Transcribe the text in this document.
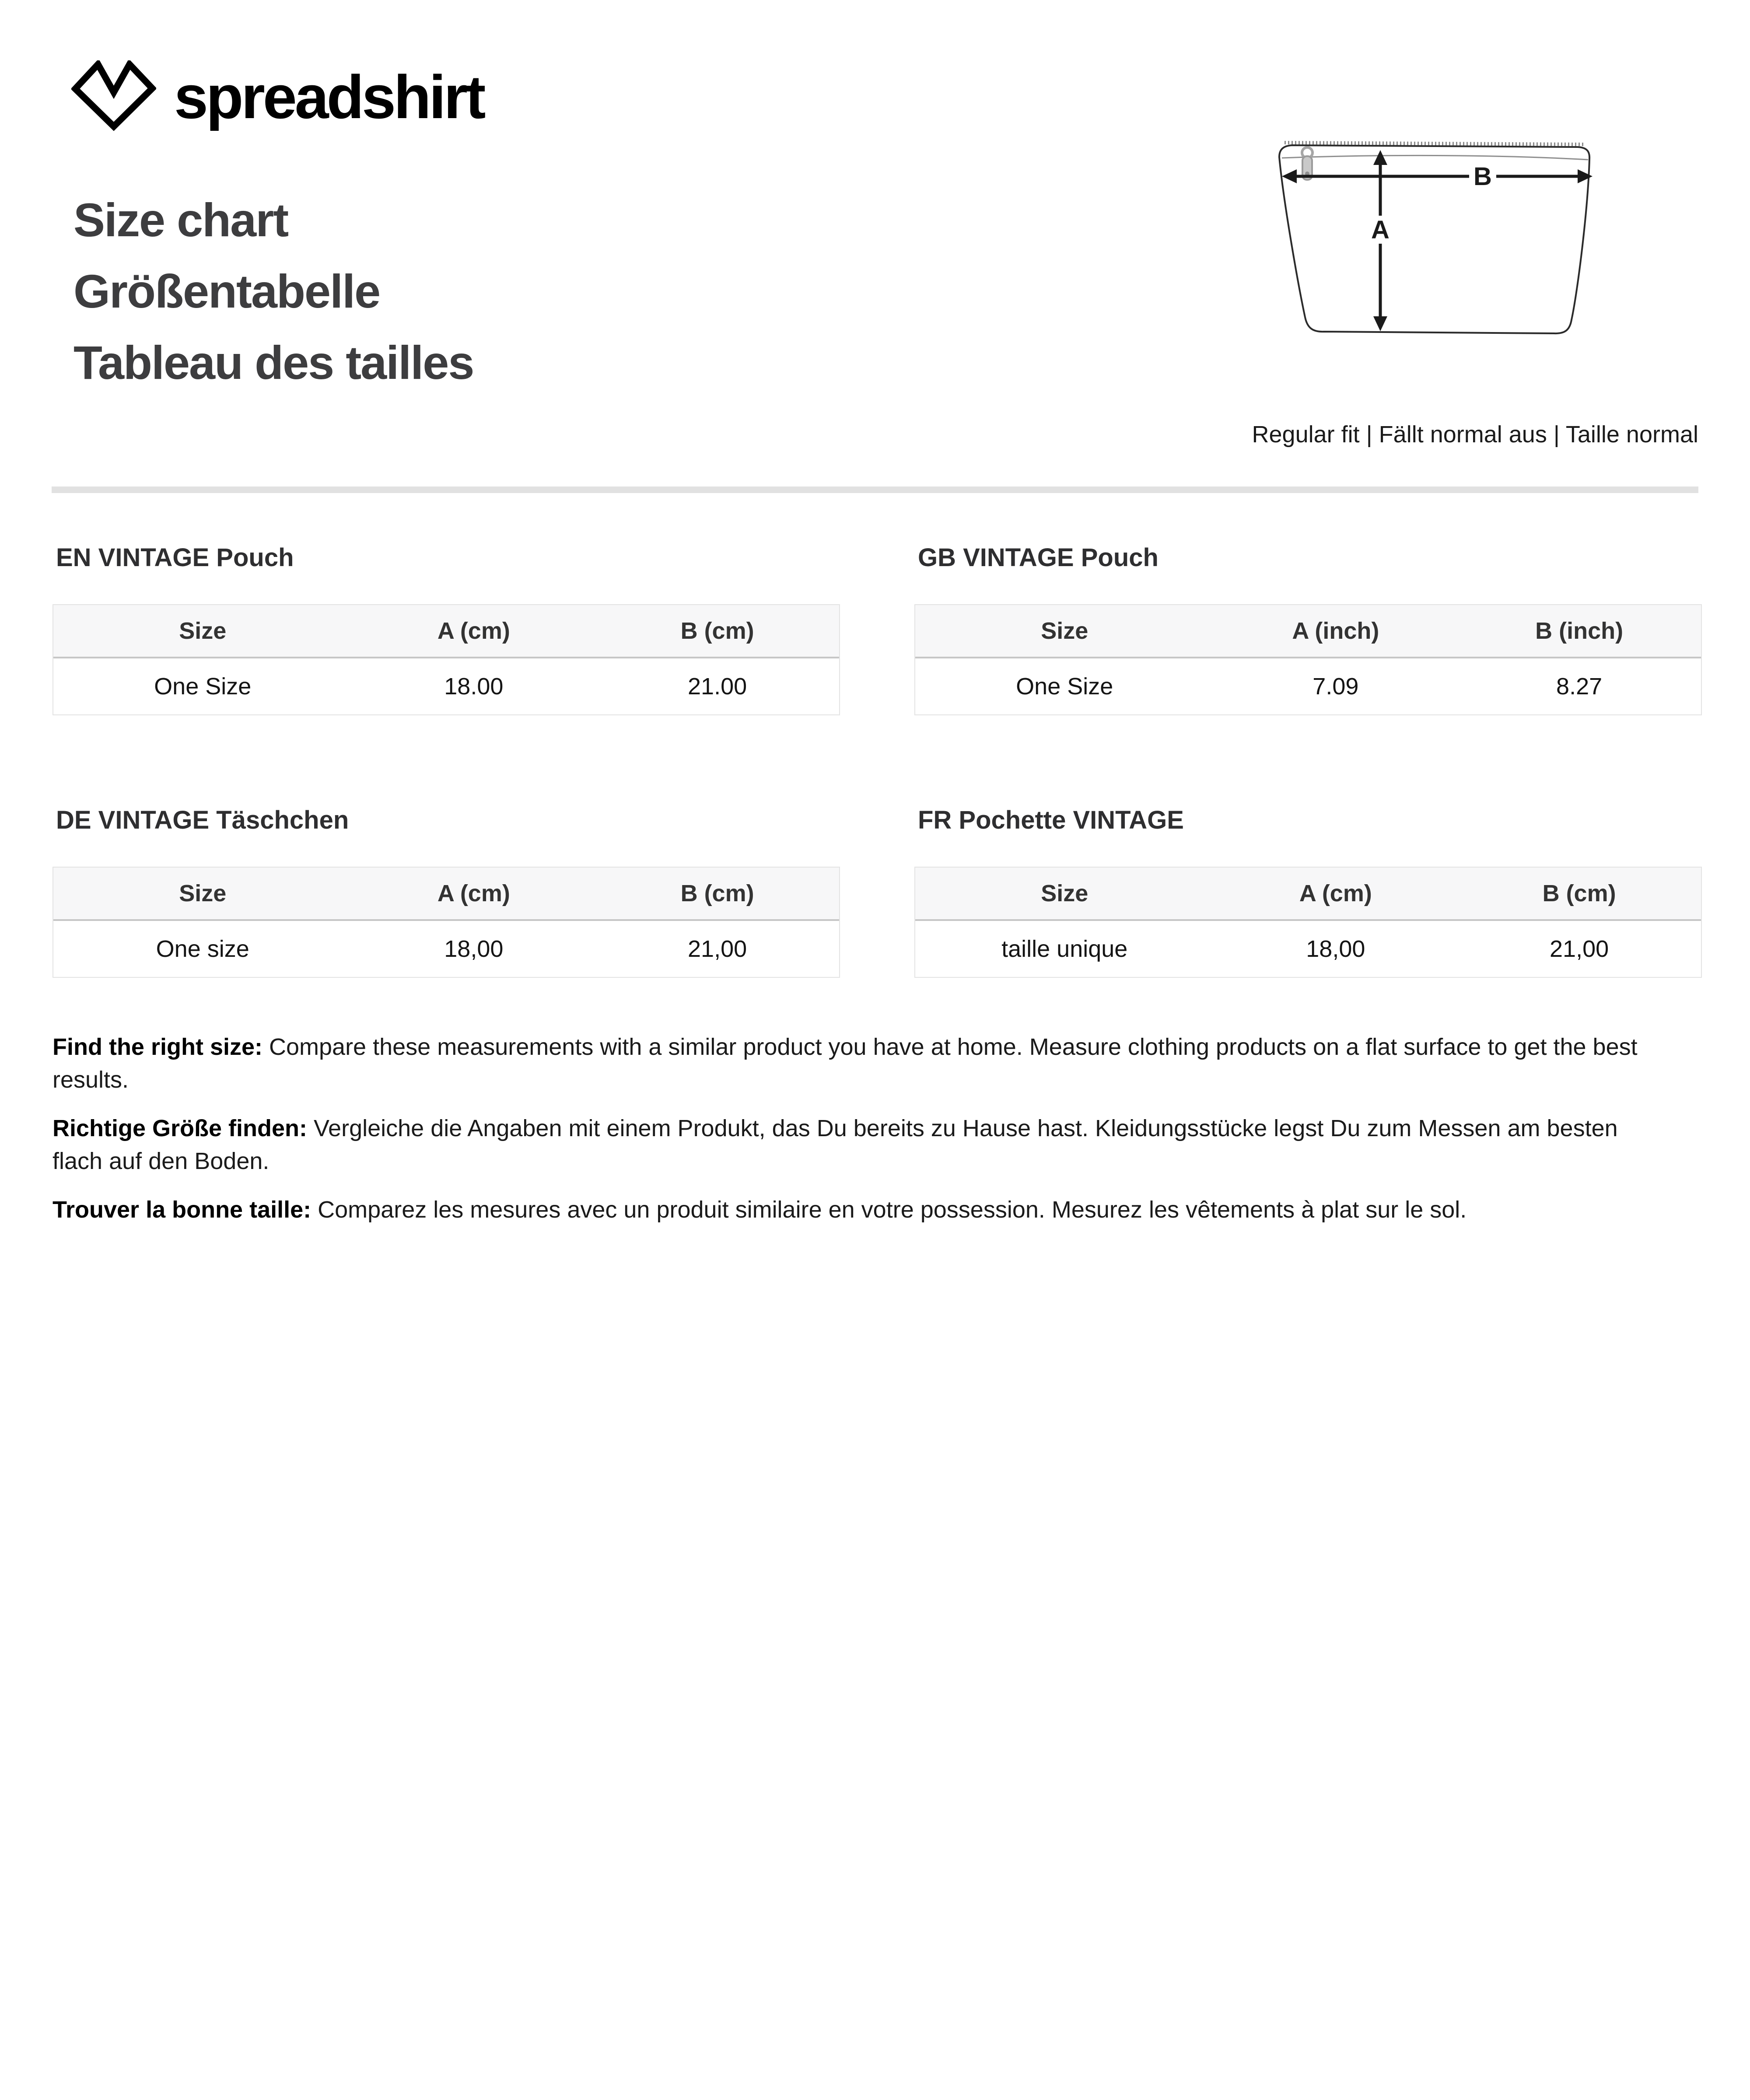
spreadshirt
Size chart
Größentabelle
Tableau des tailles
A
B
Regular fit | Fällt normal aus | Taille normal
EN VINTAGE Pouch
Size	A (cm)	B (cm)
One Size	18.00	21.00
GB VINTAGE Pouch
Size	A (inch)	B (inch)
One Size	7.09	8.27
DE VINTAGE Täschchen
Size	A (cm)	B (cm)
One size	18,00	21,00
FR Pochette VINTAGE
Size	A (cm)	B (cm)
taille unique	18,00	21,00

Find the right size: Compare these measurements with a similar product you have at home. Measure clothing products on a flat surface to get the best results.

Richtige Größe finden: Vergleiche die Angaben mit einem Produkt, das Du bereits zu Hause hast. Kleidungsstücke legst Du zum Messen am besten flach auf den Boden.

Trouver la bonne taille: Comparez les mesures avec un produit similaire en votre possession. Mesurez les vêtements à plat sur le sol.
